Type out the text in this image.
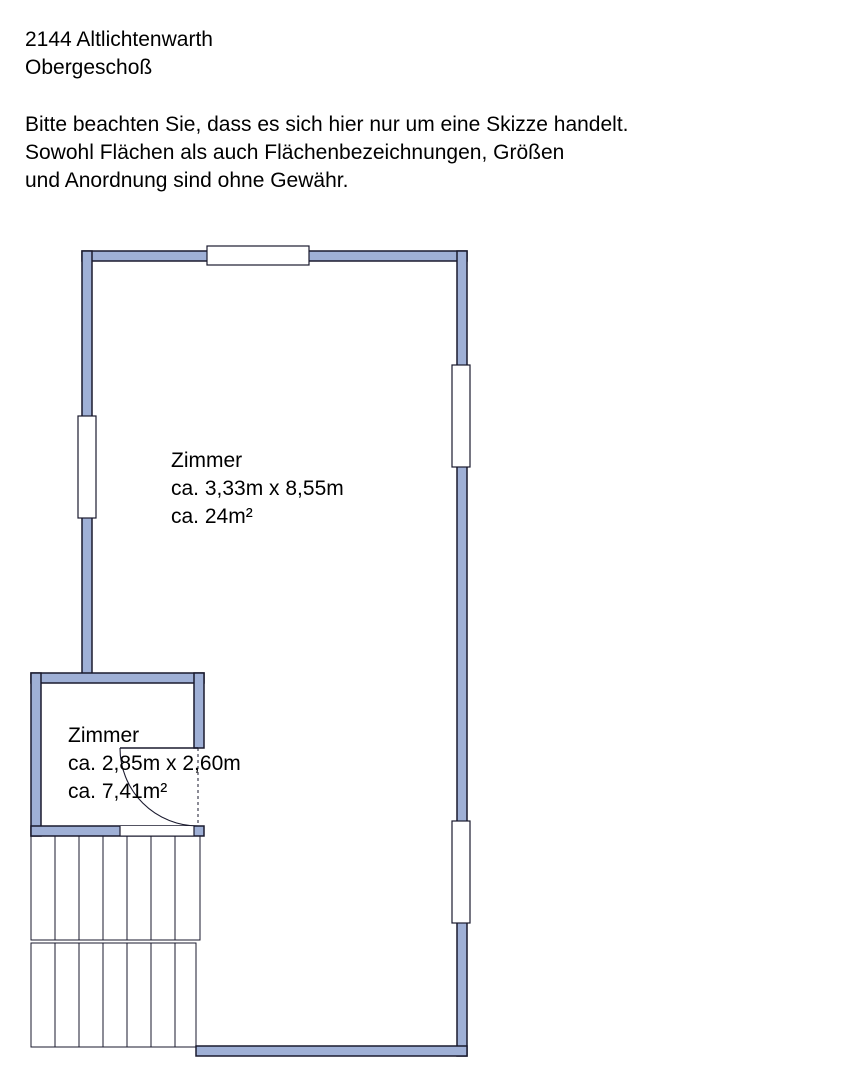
2144 Altlichtenwarth
Obergeschoß
Bitte beachten Sie, dass es sich hier nur um eine Skizze handelt.
Sowohl Flächen als auch Flächenbezeichnungen, Größen
und Anordnung sind ohne Gewähr.
Zimmer
ca. 3,33m x 8,55m
ca. 24m²
Zimmer
ca. 2,85m x 2,60m
ca. 7,41m²
